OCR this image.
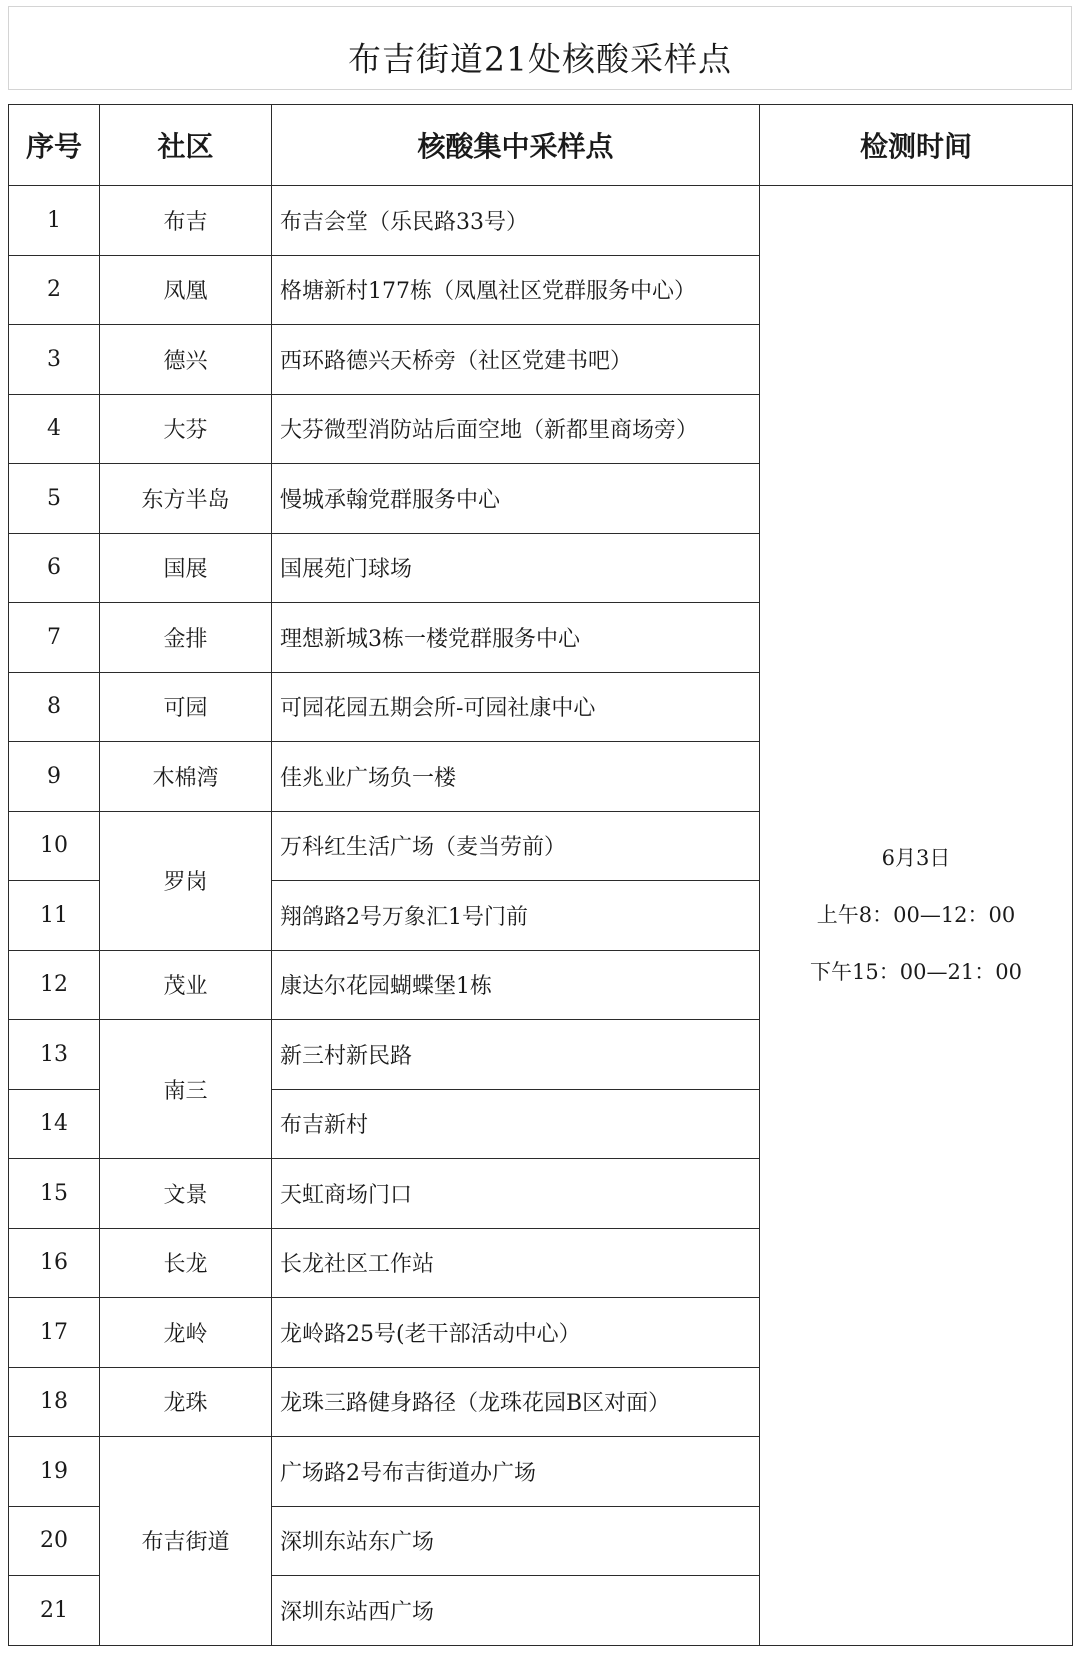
布吉街道21处核酸采样点
序号	社区	核酸集中采样点	检测时间
1	布吉	布吉会堂（乐民路33号）	6月3日
上午8：00—12：00
下午15：00—21：00

2	凤凰	格塘新村177栋（凤凰社区党群服务中心）	
3	德兴	西环路德兴天桥旁（社区党建书吧）	
4	大芬	大芬微型消防站后面空地（新都里商场旁）	
5	东方半岛	慢城承翰党群服务中心	
6	国展	国展苑门球场	
7	金排	理想新城3栋一楼党群服务中心	
8	可园	可园花园五期会所-可园社康中心	
9	木棉湾	佳兆业广场负一楼	
10	罗岗	万科红生活广场（麦当劳前）	
11		翔鸽路2号万象汇1号门前	
12	茂业	康达尔花园蝴蝶堡1栋	
13	南三	新三村新民路	
14		布吉新村	
15	文景	天虹商场门口	
16	长龙	长龙社区工作站	
17	龙岭	龙岭路25号(老干部活动中心）	
18	龙珠	龙珠三路健身路径（龙珠花园B区对面）	
19	布吉街道	广场路2号布吉街道办广场	
20		深圳东站东广场	
21		深圳东站西广场	
